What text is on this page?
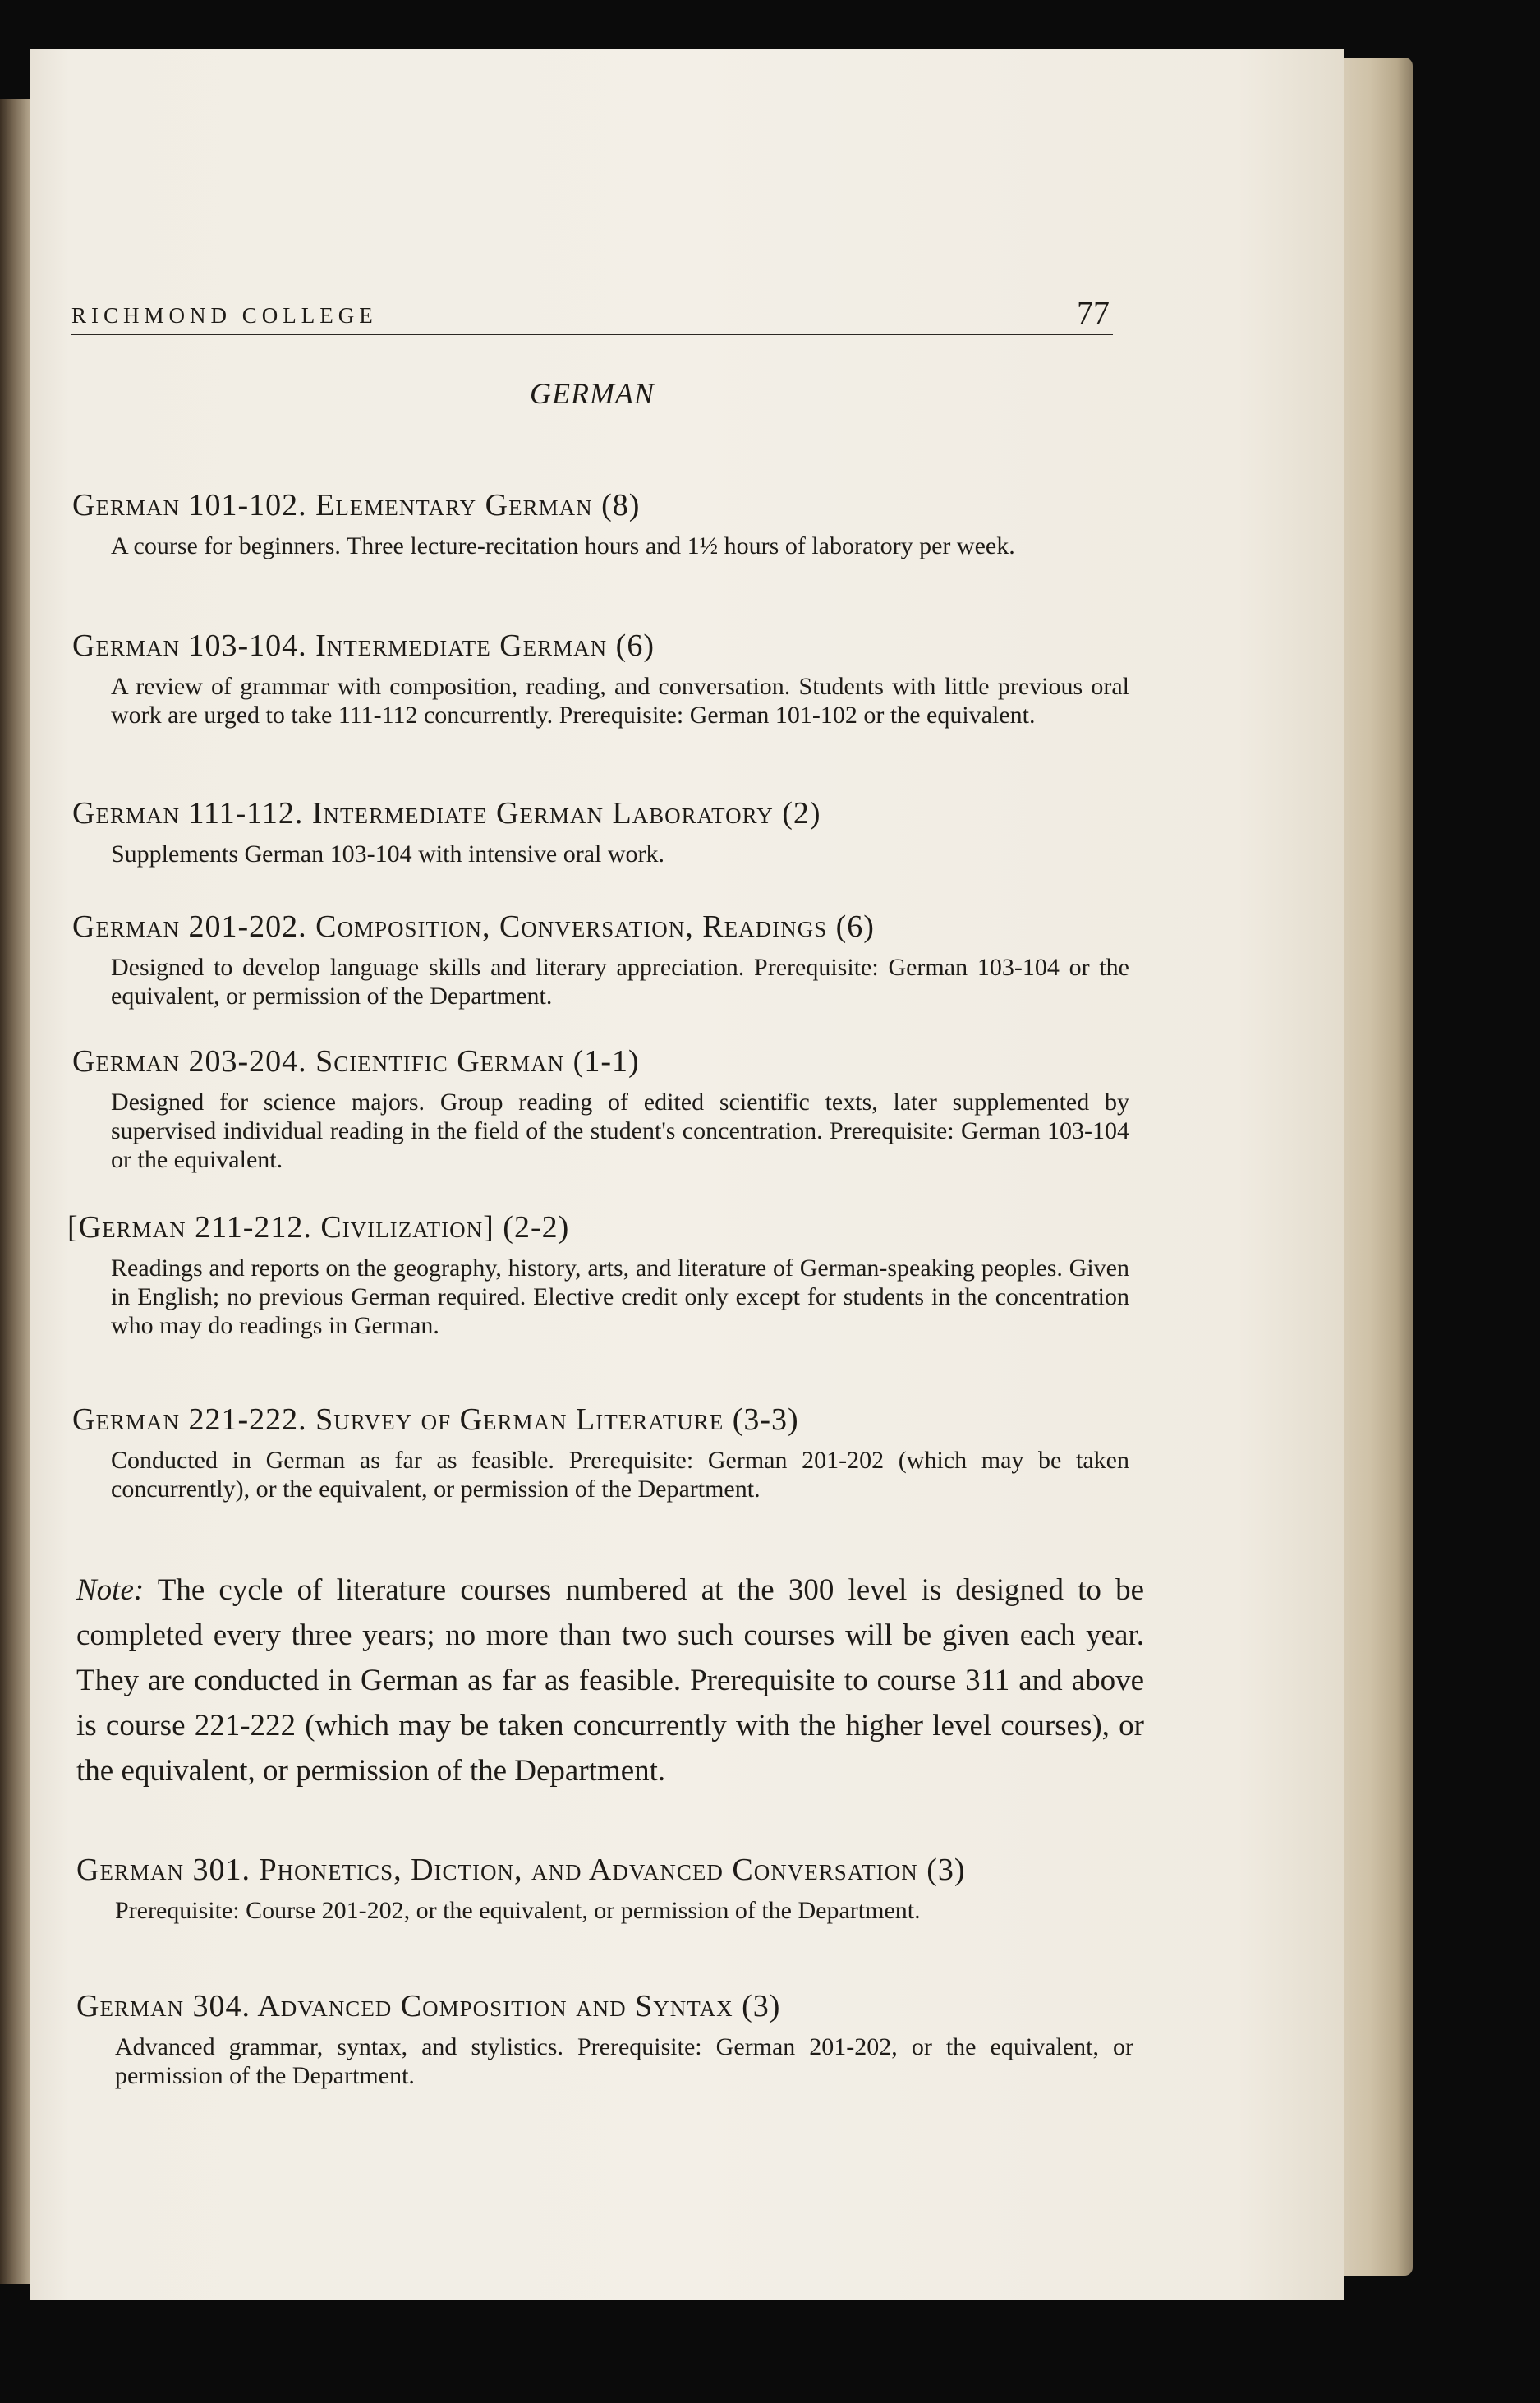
RICHMOND COLLEGE	77
GERMAN
German 101-102. Elementary German (8)
A course for beginners. Three lecture-recitation hours and 1½ hours of laboratory per week.
German 103-104. Intermediate German (6)
A review of grammar with composition, reading, and conversation. Students with little previous oral work are urged to take 111-112 concurrently. Prerequisite: German 101-102 or the equivalent.
German 111-112. Intermediate German Laboratory (2)
Supplements German 103-104 with intensive oral work.
German 201-202. Composition, Conversation, Readings (6)
Designed to develop language skills and literary appreciation. Prerequisite: German 103-104 or the equivalent, or permission of the Department.
German 203-204. Scientific German (1-1)
Designed for science majors. Group reading of edited scientific texts, later supplemented by supervised individual reading in the field of the student's concentration. Prerequisite: German 103-104 or the equivalent.
[German 211-212. Civilization] (2-2)
Readings and reports on the geography, history, arts, and literature of German-speaking peoples. Given in English; no previous German required. Elective credit only except for students in the concentration who may do readings in German.
German 221-222. Survey of German Literature (3-3)
Conducted in German as far as feasible. Prerequisite: German 201-202 (which may be taken concurrently), or the equivalent, or permission of the Department.
Note: The cycle of literature courses numbered at the 300 level is designed to be completed every three years; no more than two such courses will be given each year. They are conducted in German as far as feasible. Prerequisite to course 311 and above is course 221-222 (which may be taken concurrently with the higher level courses), or the equivalent, or permission of the Department.
German 301. Phonetics, Diction, and Advanced Conversation (3)
Prerequisite: Course 201-202, or the equivalent, or permission of the Department.
German 304. Advanced Composition and Syntax (3)
Advanced grammar, syntax, and stylistics. Prerequisite: German 201-202, or the equivalent, or permission of the Department.
